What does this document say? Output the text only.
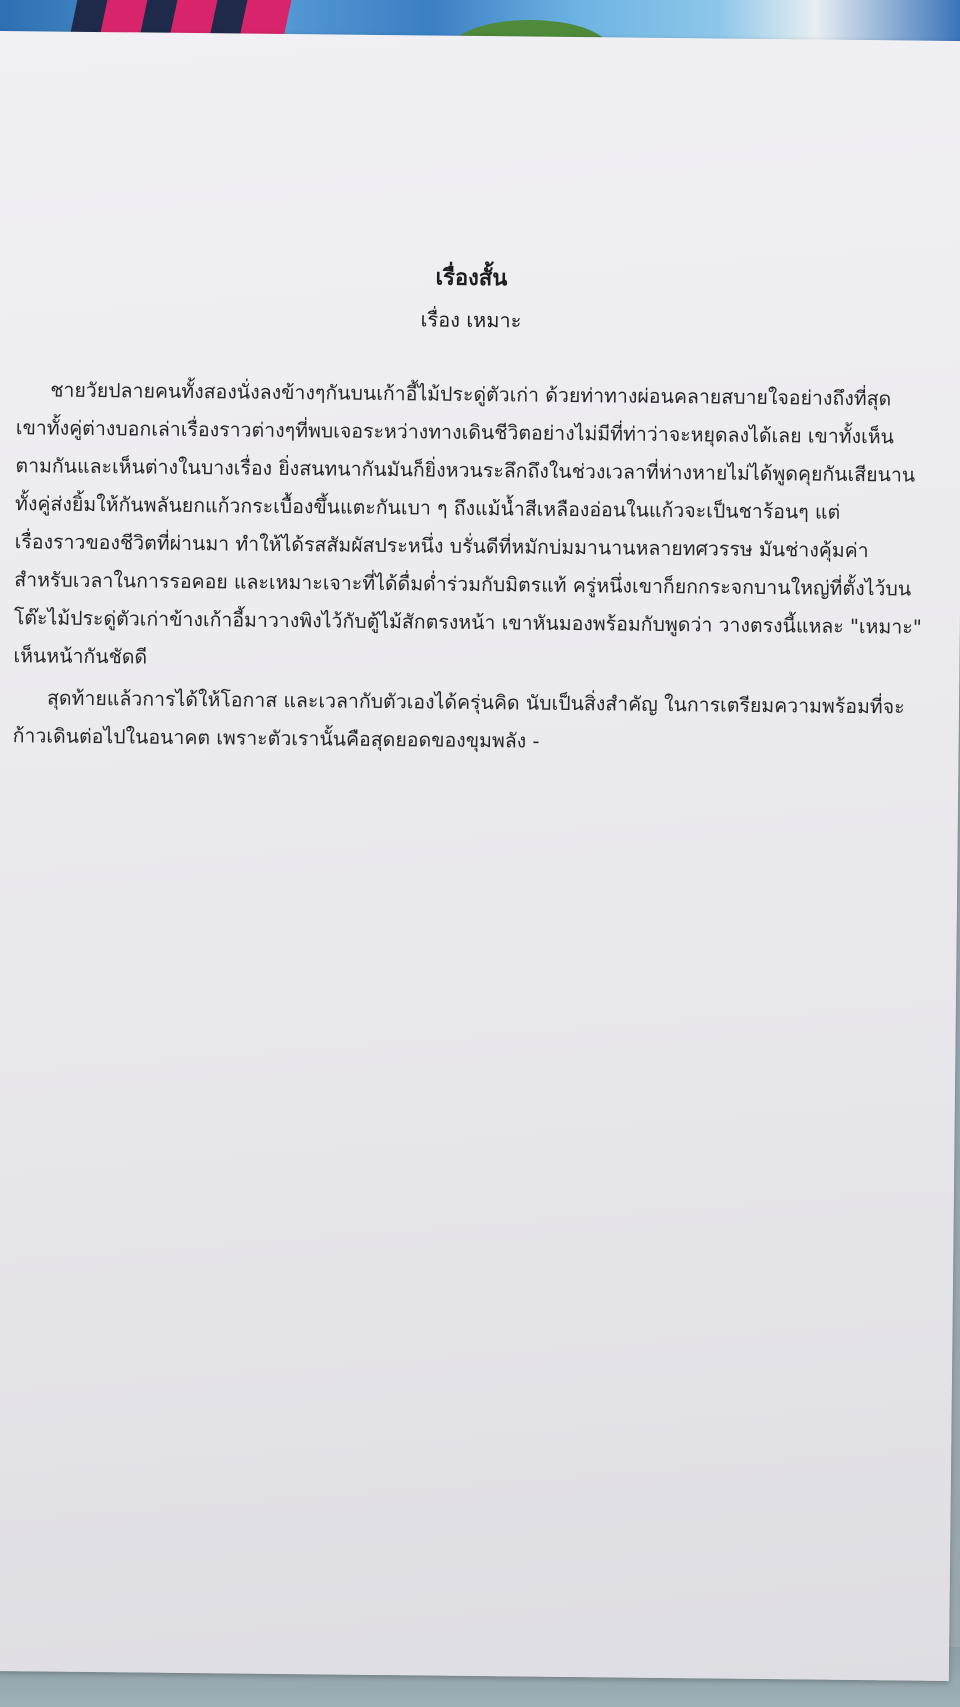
เรื่องสั้น
เรื่อง เหมาะ
ชายวัยปลายคนทั้งสองนั่งลงข้างๆกันบนเก้าอี้ไม้ประดู่ตัวเก่า ด้วยท่าทางผ่อนคลายสบายใจอย่างถึงที่สุด
เขาทั้งคู่ต่างบอกเล่าเรื่องราวต่างๆที่พบเจอระหว่างทางเดินชีวิตอย่างไม่มีที่ท่าว่าจะหยุดลงได้เลย เขาทั้งเห็น
ตามกันและเห็นต่างในบางเรื่อง ยิ่งสนทนากันมันก็ยิ่งหวนระลึกถึงในช่วงเวลาที่ห่างหายไม่ได้พูดคุยกันเสียนาน
ทั้งคู่ส่งยิ้มให้กันพลันยกแก้วกระเบื้องขึ้นแตะกันเบา ๆ ถึงแม้น้ำสีเหลืองอ่อนในแก้วจะเป็นชาร้อนๆ แต่
เรื่องราวของชีวิตที่ผ่านมา ทำให้ได้รสสัมผัสประหนึ่ง บรั่นดีที่หมักบ่มมานานหลายทศวรรษ มันช่างคุ้มค่า
สำหรับเวลาในการรอคอย และเหมาะเจาะที่ได้ดื่มด่ำร่วมกับมิตรแท้ ครู่หนึ่งเขาก็ยกกระจกบานใหญ่ที่ตั้งไว้บน
โต๊ะไม้ประดู่ตัวเก่าข้างเก้าอี้มาวางพิงไว้กับตู้ไม้สักตรงหน้า เขาหันมองพร้อมกับพูดว่า วางตรงนี้แหละ "เหมาะ"
เห็นหน้ากันชัดดี
สุดท้ายแล้วการได้ให้โอกาส และเวลากับตัวเองได้ครุ่นคิด นับเป็นสิ่งสำคัญ ในการเตรียมความพร้อมที่จะ
ก้าวเดินต่อไปในอนาคต เพราะตัวเรานั้นคือสุดยอดของขุมพลัง -
